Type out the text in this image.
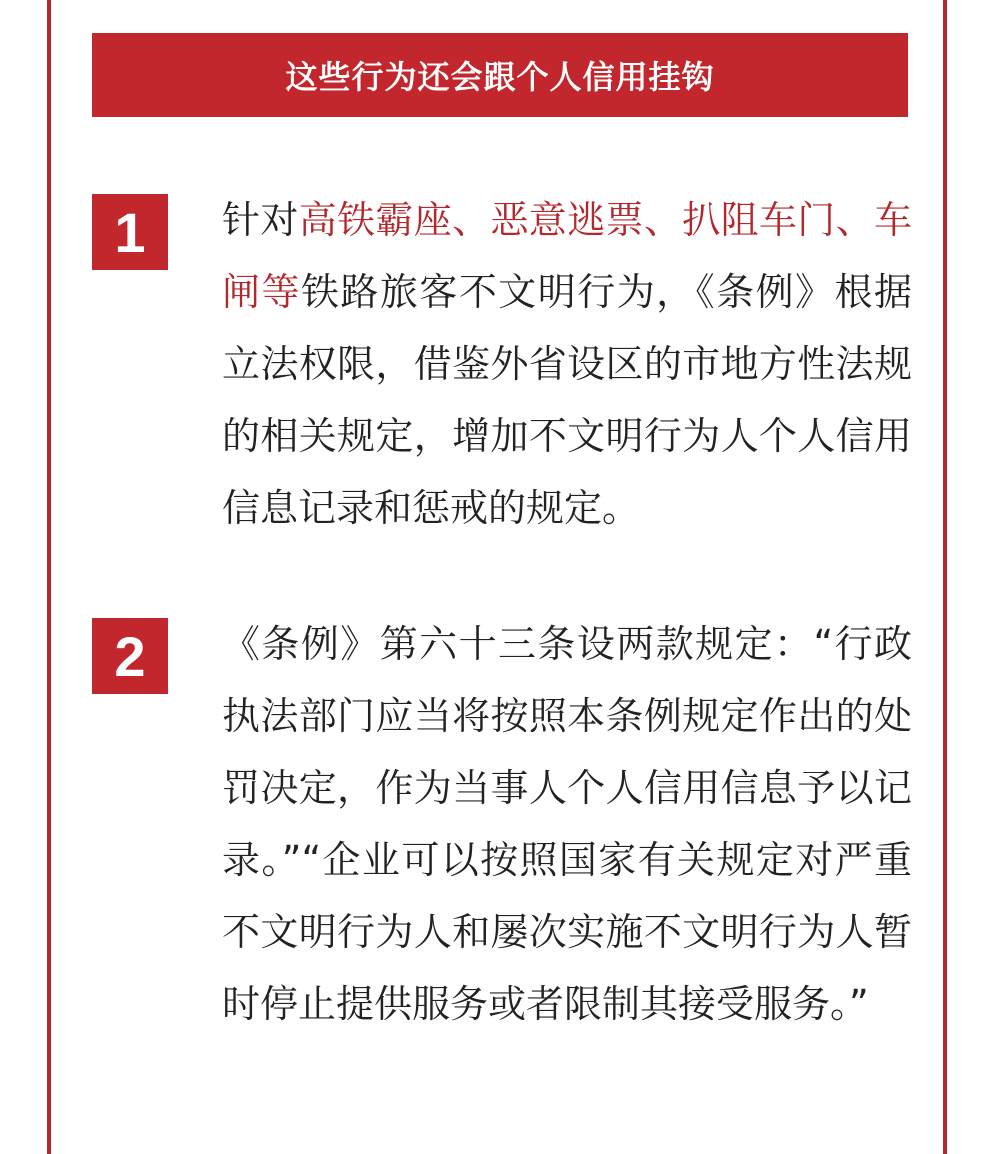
这些行为还会跟个人信用挂钩
1 针对高铁霸座、恶意逃票、扒阻车门、车闸等铁路旅客不文明行为，《条例》根据立法权限，借鉴外省设区的市地方性法规的相关规定，增加不文明行为人个人信用信息记录和惩戒的规定。

2 《条例》第六十三条设两款规定：“行政执法部门应当将按照本条例规定作出的处罚决定，作为当事人个人信用信息予以记录。”“企业可以按照国家有关规定对严重不文明行为人和屡次实施不文明行为人暂时停止提供服务或者限制其接受服务。”
